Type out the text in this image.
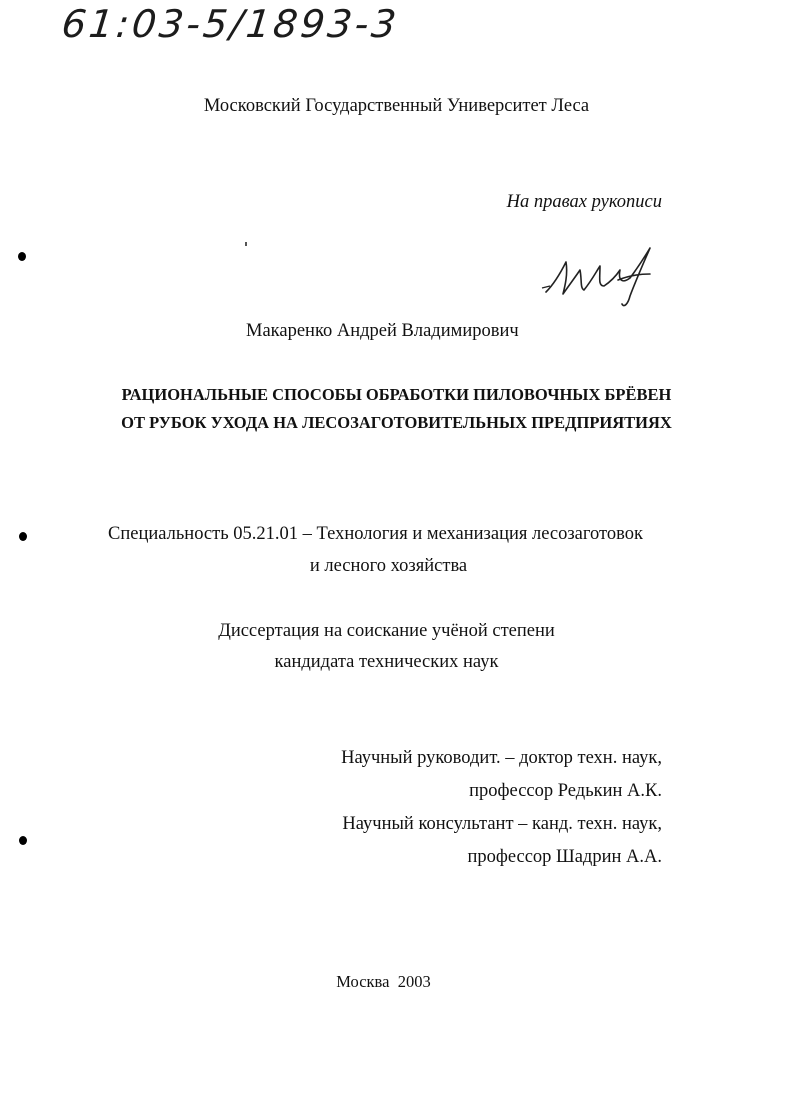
61:03-5/1893-3
Московский Государственный Университет Леса
На правах рукописи
Макаренко Андрей Владимирович
РАЦИОНАЛЬНЫЕ СПОСОБЫ ОБРАБОТКИ ПИЛОВОЧНЫХ БРЁВЕН
ОТ РУБОК УХОДА НА ЛЕСОЗАГОТОВИТЕЛЬНЫХ ПРЕДПРИЯТИЯХ
Специальность 05.21.01 – Технология и механизация лесозаготовок
и лесного хозяйства
Диссертация на соискание учёной степени
кандидата технических наук
Научный руководит. – доктор техн. наук,
профессор Редькин А.К.
Научный консультант – канд. техн. наук,
профессор Шадрин А.А.
Москва  2003
